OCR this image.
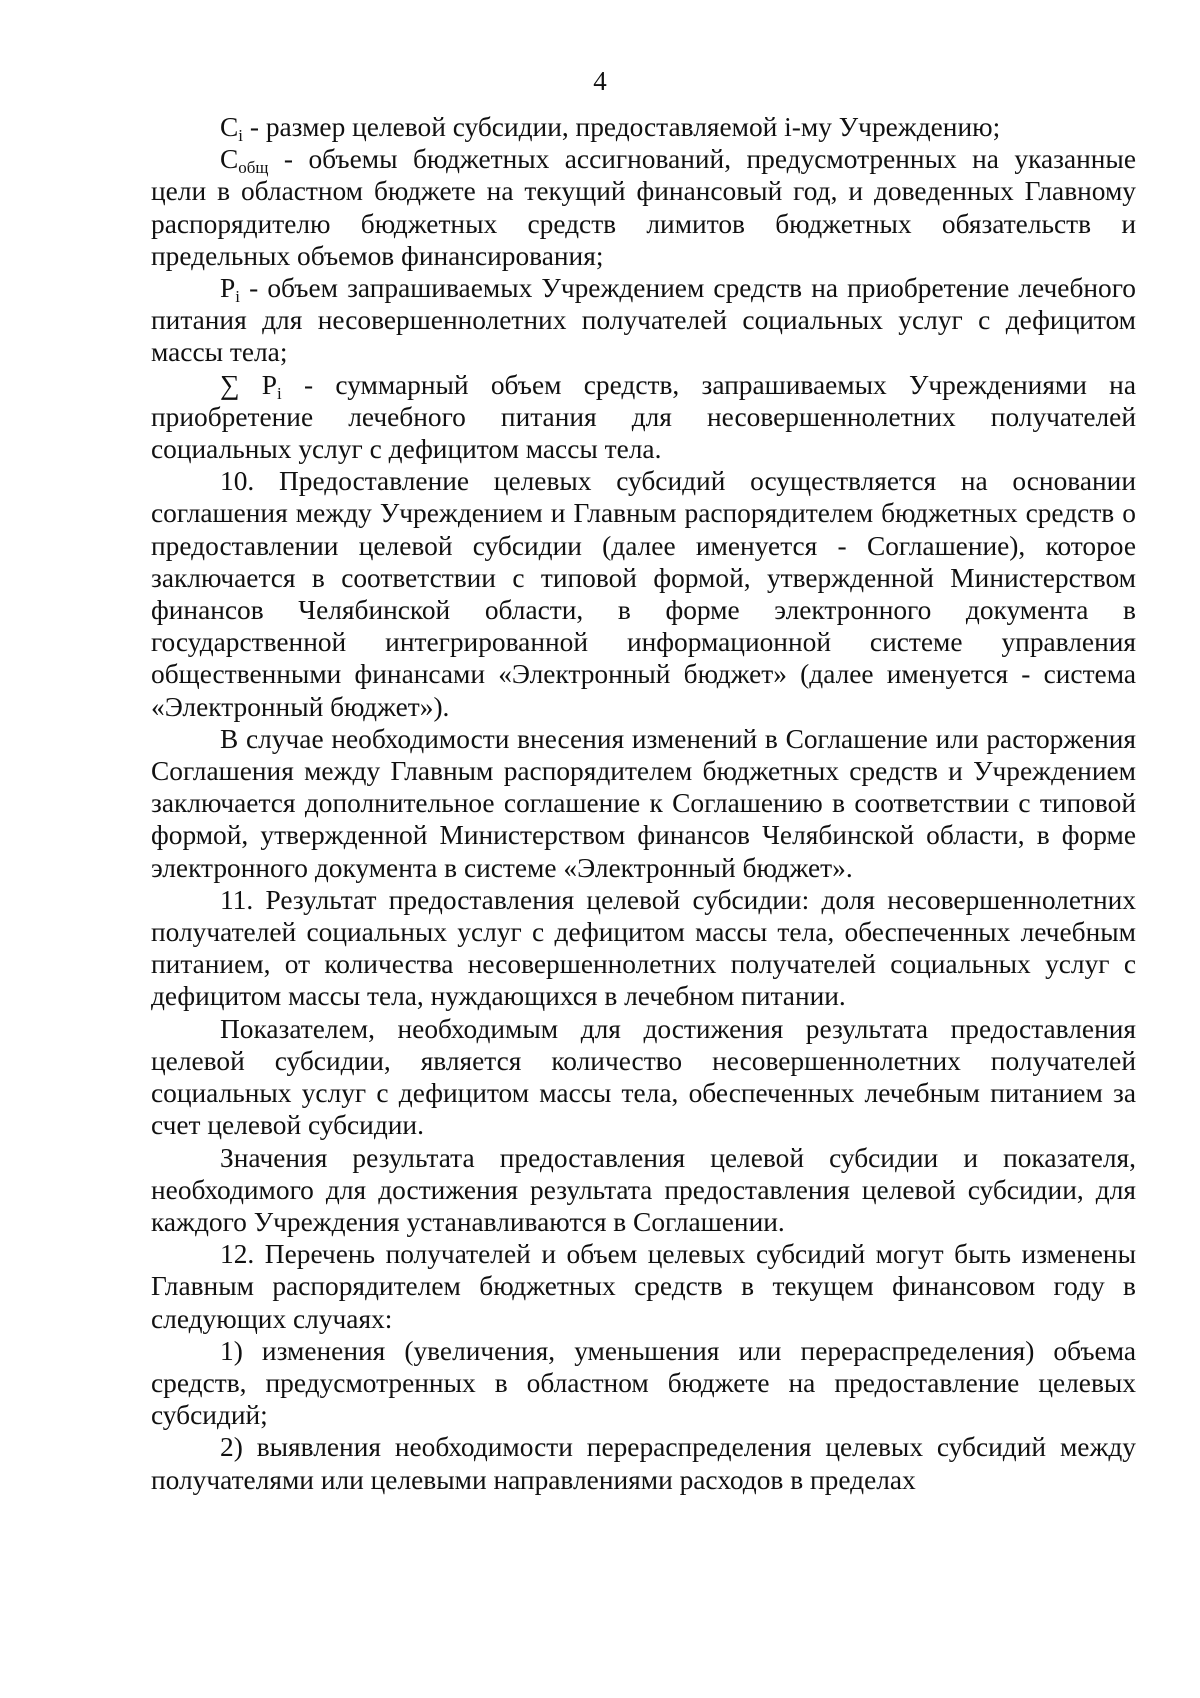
4

$C_i$ - размер целевой субсидии, предоставляемой i-му Учреждению;

$C_{общ}$ - объемы бюджетных ассигнований, предусмотренных на указанные цели в областном бюджете на текущий финансовый год, и доведенных Главному распорядителю бюджетных средств лимитов бюджетных обязательств и предельных объемов финансирования;

$P_i$ - объем запрашиваемых Учреждением средств на приобретение лечебного питания для несовершеннолетних получателей социальных услуг с дефицитом массы тела;

∑ $P_i$ - суммарный объем средств, запрашиваемых Учреждениями на приобретение лечебного питания для несовершеннолетних получателей социальных услуг с дефицитом массы тела.

10. Предоставление целевых субсидий осуществляется на основании соглашения между Учреждением и Главным распорядителем бюджетных средств о предоставлении целевой субсидии (далее именуется - Соглашение), которое заключается в соответствии с типовой формой, утвержденной Министерством финансов Челябинской области, в форме электронного документа в государственной интегрированной информационной системе управления общественными финансами «Электронный бюджет» (далее именуется - система «Электронный бюджет»).

В случае необходимости внесения изменений в Соглашение или расторжения Соглашения между Главным распорядителем бюджетных средств и Учреждением заключается дополнительное соглашение к Соглашению в соответствии с типовой формой, утвержденной Министерством финансов Челябинской области, в форме электронного документа в системе «Электронный бюджет».

11. Результат предоставления целевой субсидии: доля несовершеннолетних получателей социальных услуг с дефицитом массы тела, обеспеченных лечебным питанием, от количества несовершеннолетних получателей социальных услуг с дефицитом массы тела, нуждающихся в лечебном питании.

Показателем, необходимым для достижения результата предоставления целевой субсидии, является количество несовершеннолетних получателей социальных услуг с дефицитом массы тела, обеспеченных лечебным питанием за счет целевой субсидии.

Значения результата предоставления целевой субсидии и показателя, необходимого для достижения результата предоставления целевой субсидии, для каждого Учреждения устанавливаются в Соглашении.

12. Перечень получателей и объем целевых субсидий могут быть изменены Главным распорядителем бюджетных средств в текущем финансовом году в следующих случаях:

1) изменения (увеличения, уменьшения или перераспределения) объема средств, предусмотренных в областном бюджете на предоставление целевых субсидий;

2) выявления необходимости перераспределения целевых субсидий между получателями или целевыми направлениями расходов в пределах
